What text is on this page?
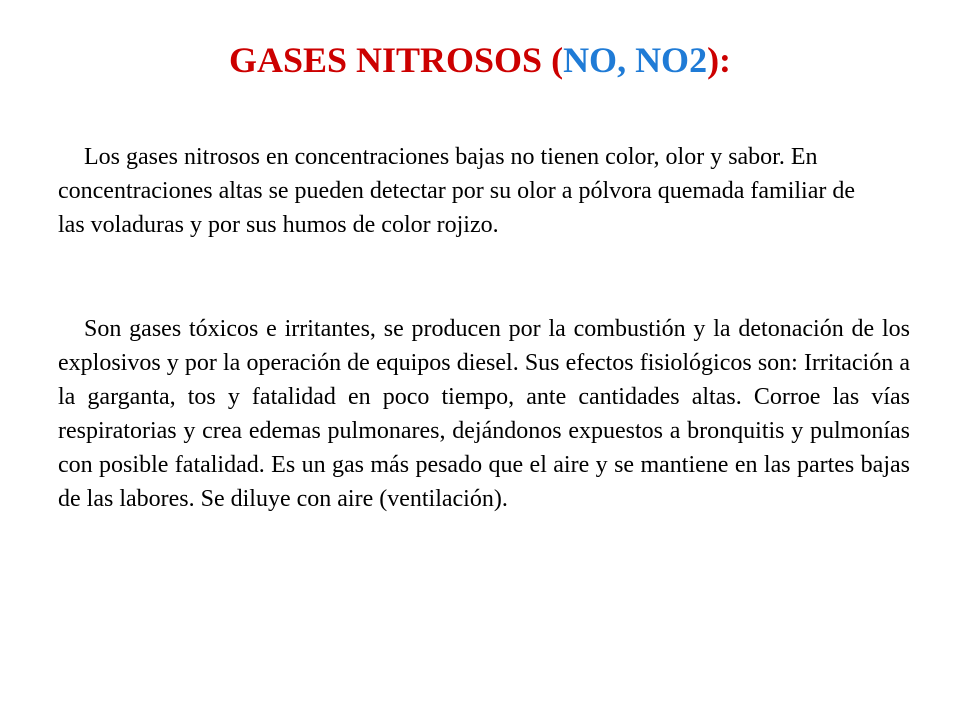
GASES NITROSOS (NO, NO2):

Los gases nitrosos en concentraciones bajas no tienen color, olor y sabor. En concentraciones altas se pueden detectar por su olor a pólvora quemada familiar de las voladuras y por sus humos de color rojizo.

Son gases tóxicos e irritantes, se producen por la combustión y la detonación de los explosivos y por la operación de equipos diesel. Sus efectos fisiológicos son: Irritación a la garganta, tos y fatalidad en poco tiempo, ante cantidades altas. Corroe las vías respiratorias y crea edemas pulmonares, dejándonos expuestos a bronquitis y pulmonías con posible fatalidad. Es un gas más pesado que el aire y se mantiene en las partes bajas de las labores. Se diluye con aire (ventilación).
